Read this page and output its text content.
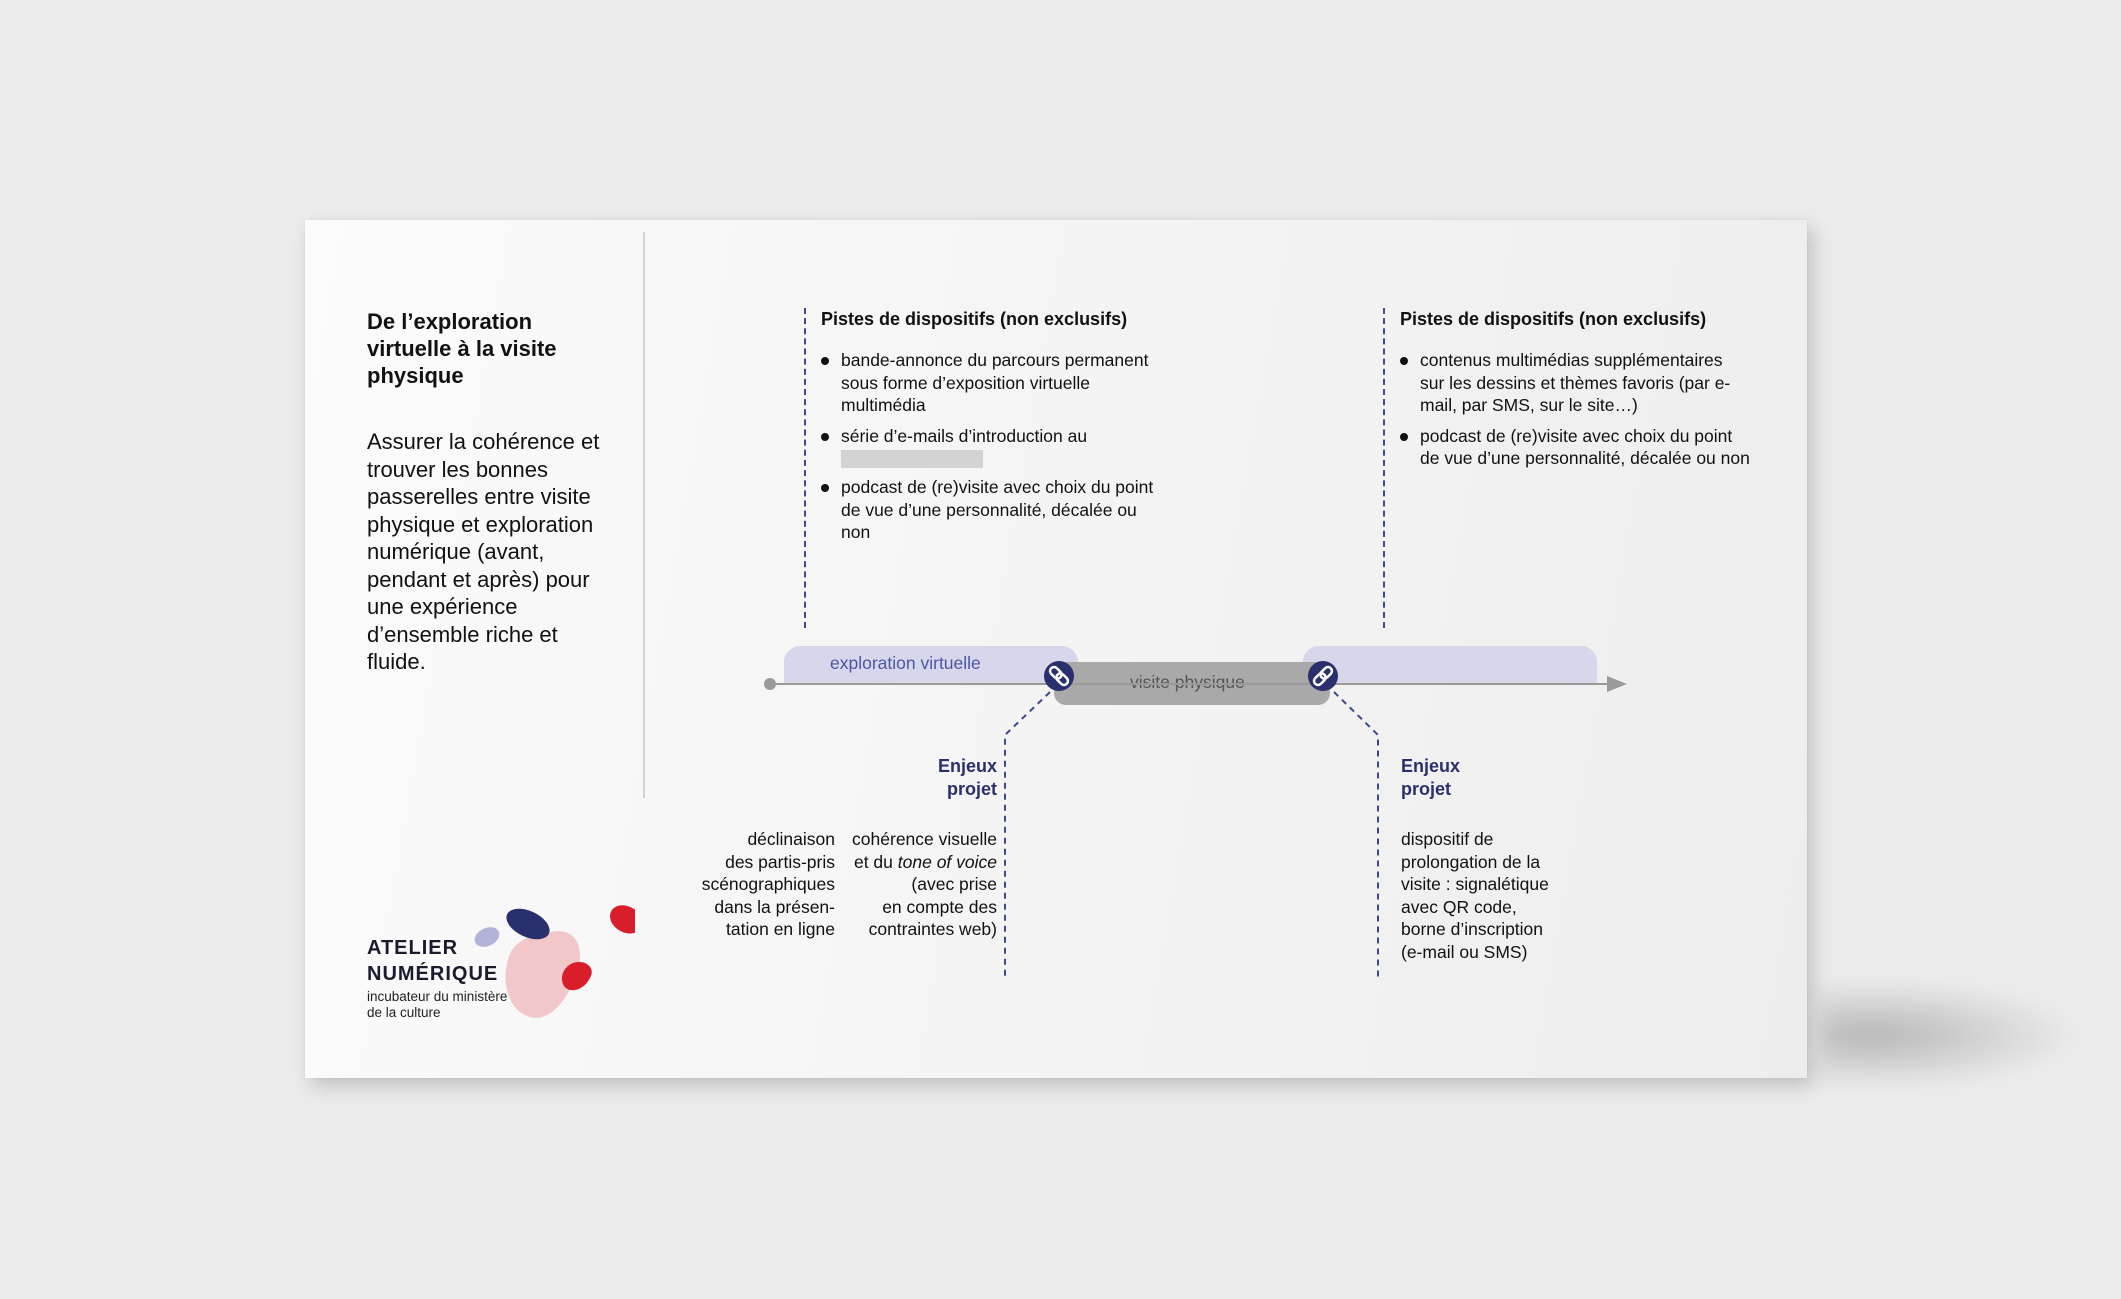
De l’exploration virtuelle à la visite physique
Assurer la cohérence et trouver les bonnes passerelles entre visite physique et exploration numérique (avant, pendant et après) pour une expérience d’ensemble riche et fluide.
Pistes de dispositifs (non exclusifs)
bande-annonce du parcours permanent sous forme d’exposition virtuelle multimédia
série d’e-mails d’introduction au
podcast de (re)visite avec choix du point de vue d’une personnalité, décalée ou non
Pistes de dispositifs (non exclusifs)
contenus multimédias supplémentaires sur les dessins et thèmes favoris (par e-mail, par SMS, sur le site…)
podcast de (re)visite avec choix du point de vue d’une personnalité, décalée ou non
exploration virtuelle
visite physique
Enjeux
projet
déclinaison
des partis-pris
scénographiques
dans la présen-
tation en ligne
cohérence visuelle
et du tone of voice
(avec prise
en compte des
contraintes web)
Enjeux
projet
dispositif de
prolongation de la
visite : signalétique
avec QR code,
borne d’inscription
(e-mail ou SMS)
ATELIER
NUMÉRIQUE
incubateur du ministère
de la culture
